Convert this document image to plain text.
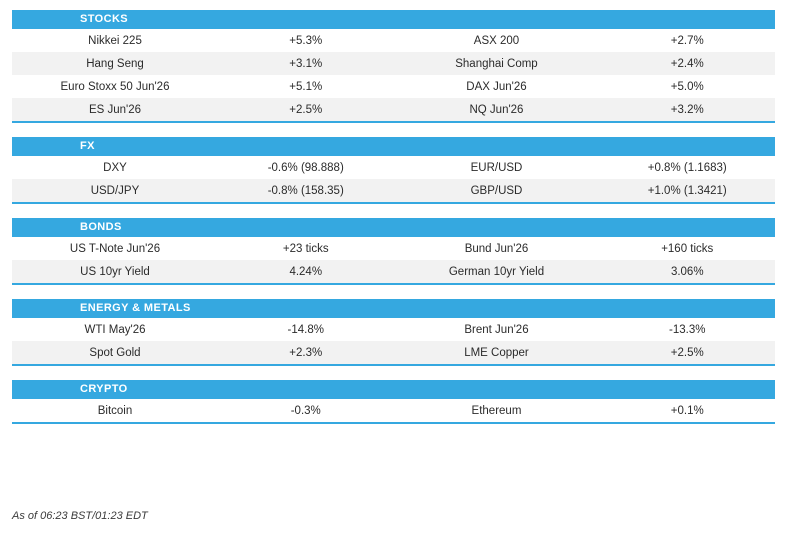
STOCKS
Nikkei 225	+5.3%	ASX 200	+2.7%
Hang Seng	+3.1%	Shanghai Comp	+2.4%
Euro Stoxx 50 Jun'26	+5.1%	DAX Jun'26	+5.0%
ES Jun'26	+2.5%	NQ Jun'26	+3.2%
FX
DXY	-0.6% (98.888)	EUR/USD	+0.8% (1.1683)
USD/JPY	-0.8% (158.35)	GBP/USD	+1.0% (1.3421)
BONDS
US T-Note Jun'26	+23 ticks	Bund Jun'26	+160 ticks
US 10yr Yield	4.24%	German 10yr Yield	3.06%
ENERGY & METALS
WTI May'26	-14.8%	Brent Jun'26	-13.3%
Spot Gold	+2.3%	LME Copper	+2.5%
CRYPTO
Bitcoin	-0.3%	Ethereum	+0.1%
As of 06:23 BST/01:23 EDT
